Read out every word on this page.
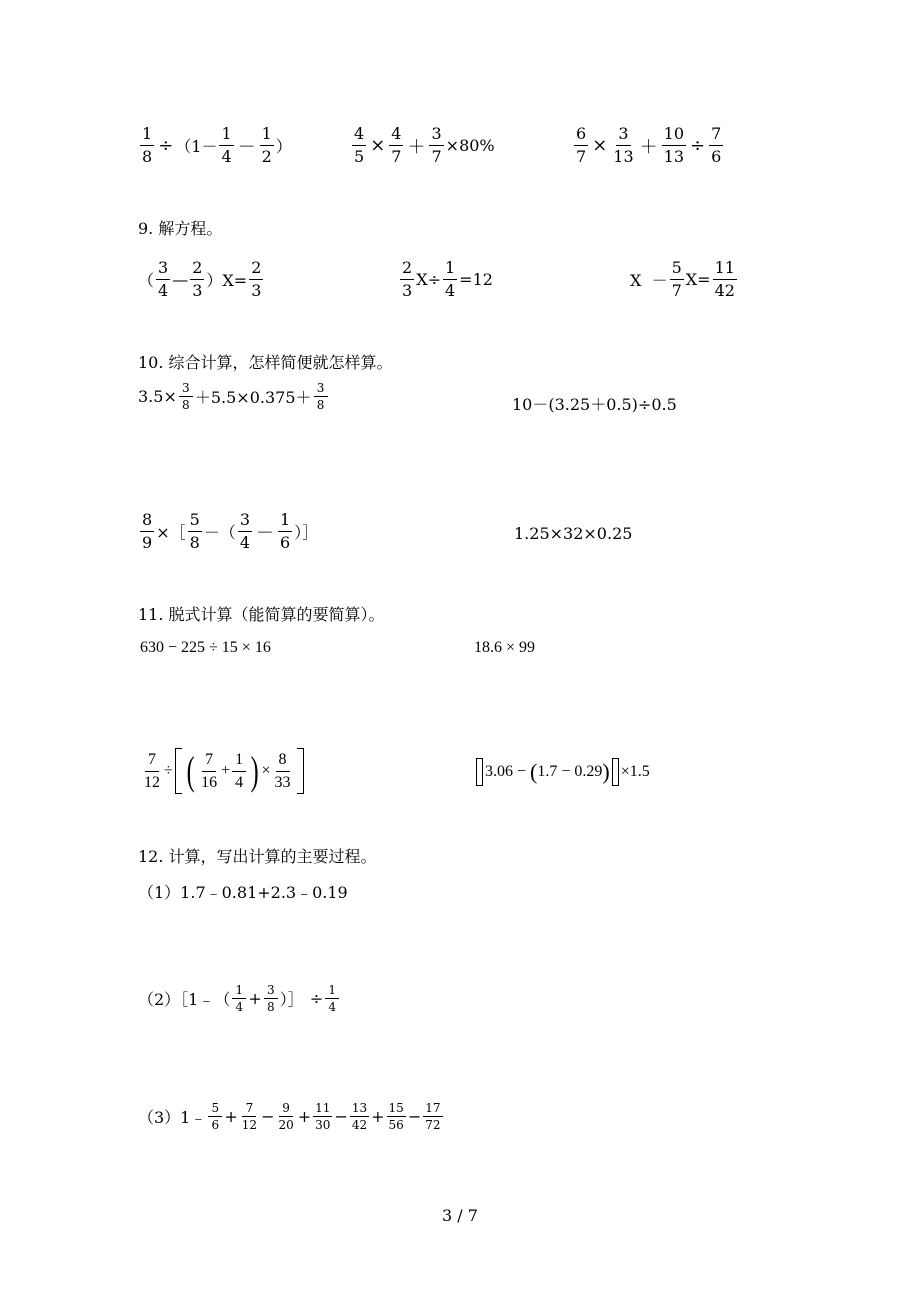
$\frac{1}{8} \div (1- \frac{1}{4} - \frac{1}{2}$ ）	$\frac{4}{5} \times \frac{4}{7} + \frac{3}{7} \times 80\%$	$\frac{6}{7} \times \frac{3}{13} + \frac{10}{13} \div \frac{7}{6}$
9. 解方程。
（ $\frac{3}{4}$ — $\frac{2}{3} )X= \frac{2}{3}$	$\frac{2}{3} X\div \frac{1}{4} =12$	$X - \frac{5}{7} X= \frac{11}{42}$
10. 综合计算，怎样简便就怎样算。
$3.5\times \frac{3}{8} +5.5\times 0.375+ \frac{3}{8}$	10－(3.25＋0.5)÷0.5
$\frac{8}{9}$ ×［ $\frac{5}{8}$ －（ $\frac{3}{4} - \frac{1}{6}$ ）］	1.25×32×0.25
11. 脱式计算（能简算的要简算）。
630 − 225 ÷ 15 × 16	18.6 × 99
$\frac{7}{12}$ ÷ ( $\frac{7}{16} + \frac{1}{4}$ ) × $\frac{8}{33}$	3.06 − ( 1.7 − 0.29 ) ×1.5
12. 计算，写出计算的主要过程。
（1）1.7﹣0.81+2.3﹣0.19
（2）［1﹣（ $\frac{1}{4} + \frac{3}{8}$ ）］ ÷ $\frac{1}{4}$
（3）1﹣ $\frac{5}{6} + \frac{7}{12} - \frac{9}{20} + \frac{11}{30} - \frac{13}{42} + \frac{15}{56} - \frac{17}{72}$
3 / 7
